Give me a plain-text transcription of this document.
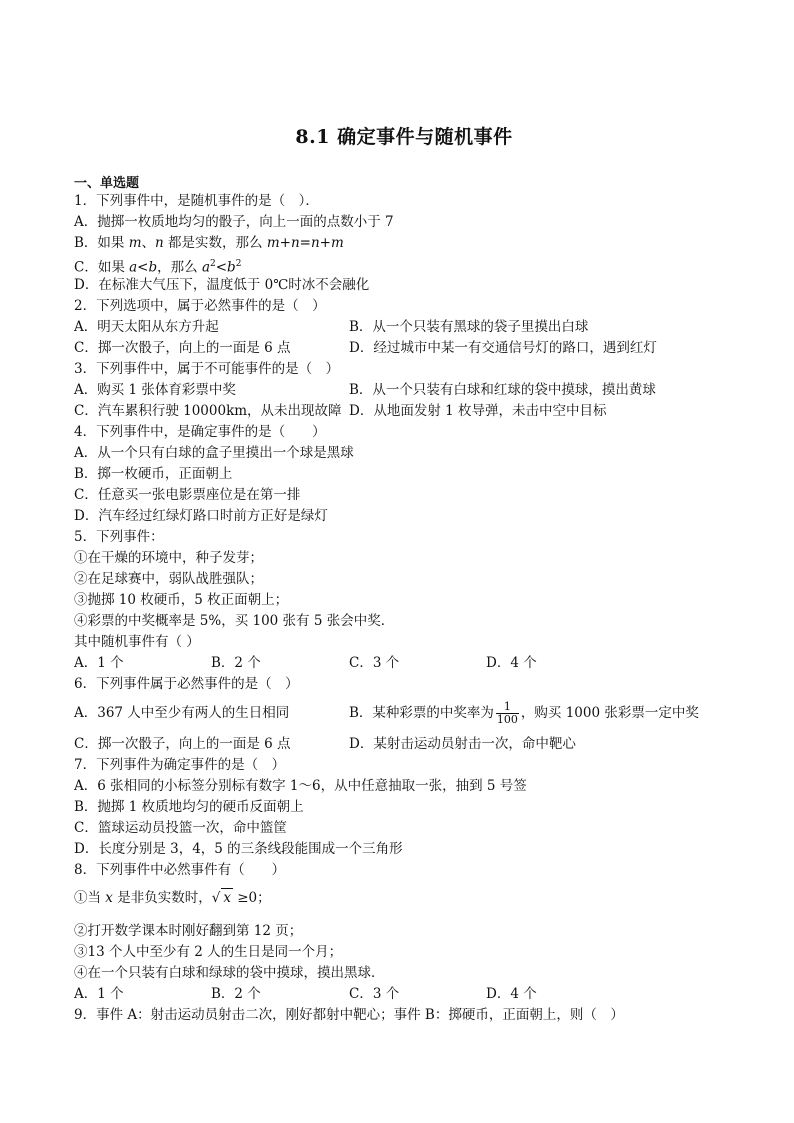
8.1 确定事件与随机事件
一、单选题
1．下列事件中，是随机事件的是（　）．
A．抛掷一枚质地均匀的骰子，向上一面的点数小于 7
B．如果 m、n 都是实数，那么 m+n=n+m
C．如果 a<b，那么 $a^2<b^2$
D．在标准大气压下，温度低于 0℃时冰不会融化
2．下列选项中，属于必然事件的是（　）
A．明天太阳从东方升起	B．从一个只装有黑球的袋子里摸出白球
C．掷一次骰子，向上的一面是 6 点	D．经过城市中某一有交通信号灯的路口，遇到红灯
3．下列事件中，属于不可能事件的是（　）
A．购买 1 张体育彩票中奖	B．从一个只装有白球和红球的袋中摸球，摸出黄球
C．汽车累积行驶 10000km，从未出现故障 D．从地面发射 1 枚导弹，未击中空中目标
4．下列事件中，是确定事件的是（　　）
A．从一个只有白球的盒子里摸出一个球是黑球
B．掷一枚硬币，正面朝上
C．任意买一张电影票座位是在第一排
D．汽车经过红绿灯路口时前方正好是绿灯
5．下列事件：
①在干燥的环境中，种子发芽；
②在足球赛中，弱队战胜强队；
③抛掷 10 枚硬币，5 枚正面朝上；
④彩票的中奖概率是 5%，买 100 张有 5 张会中奖．
其中随机事件有（ ）
A．1 个	B．2 个	C．3 个	D．4 个
6．下列事件属于必然事件的是（　）
A．367 人中至少有两人的生日相同	B．某种彩票的中奖率为 $\frac{1}{100}$ ，购买 1000 张彩票一定中奖
C．掷一次骰子，向上的一面是 6 点	D．某射击运动员射击一次，命中靶心
7．下列事件为确定事件的是（　）
A．6 张相同的小标签分别标有数字 1～6，从中任意抽取一张，抽到 5 号签
B．抛掷 1 枚质地均匀的硬币反面朝上
C．篮球运动员投篮一次，命中篮筐
D．长度分别是 3，4，5 的三条线段能围成一个三角形
8．下列事件中必然事件有（　　）
①当 x 是非负实数时，√ x ≥0；
②打开数学课本时刚好翻到第 12 页；
③13 个人中至少有 2 人的生日是同一个月；
④在一个只装有白球和绿球的袋中摸球，摸出黑球．
A．1 个	B．2 个	C．3 个	D．4 个
9．事件 A：射击运动员射击二次，刚好都射中靶心；事件 B：掷硬币，正面朝上，则（　）
